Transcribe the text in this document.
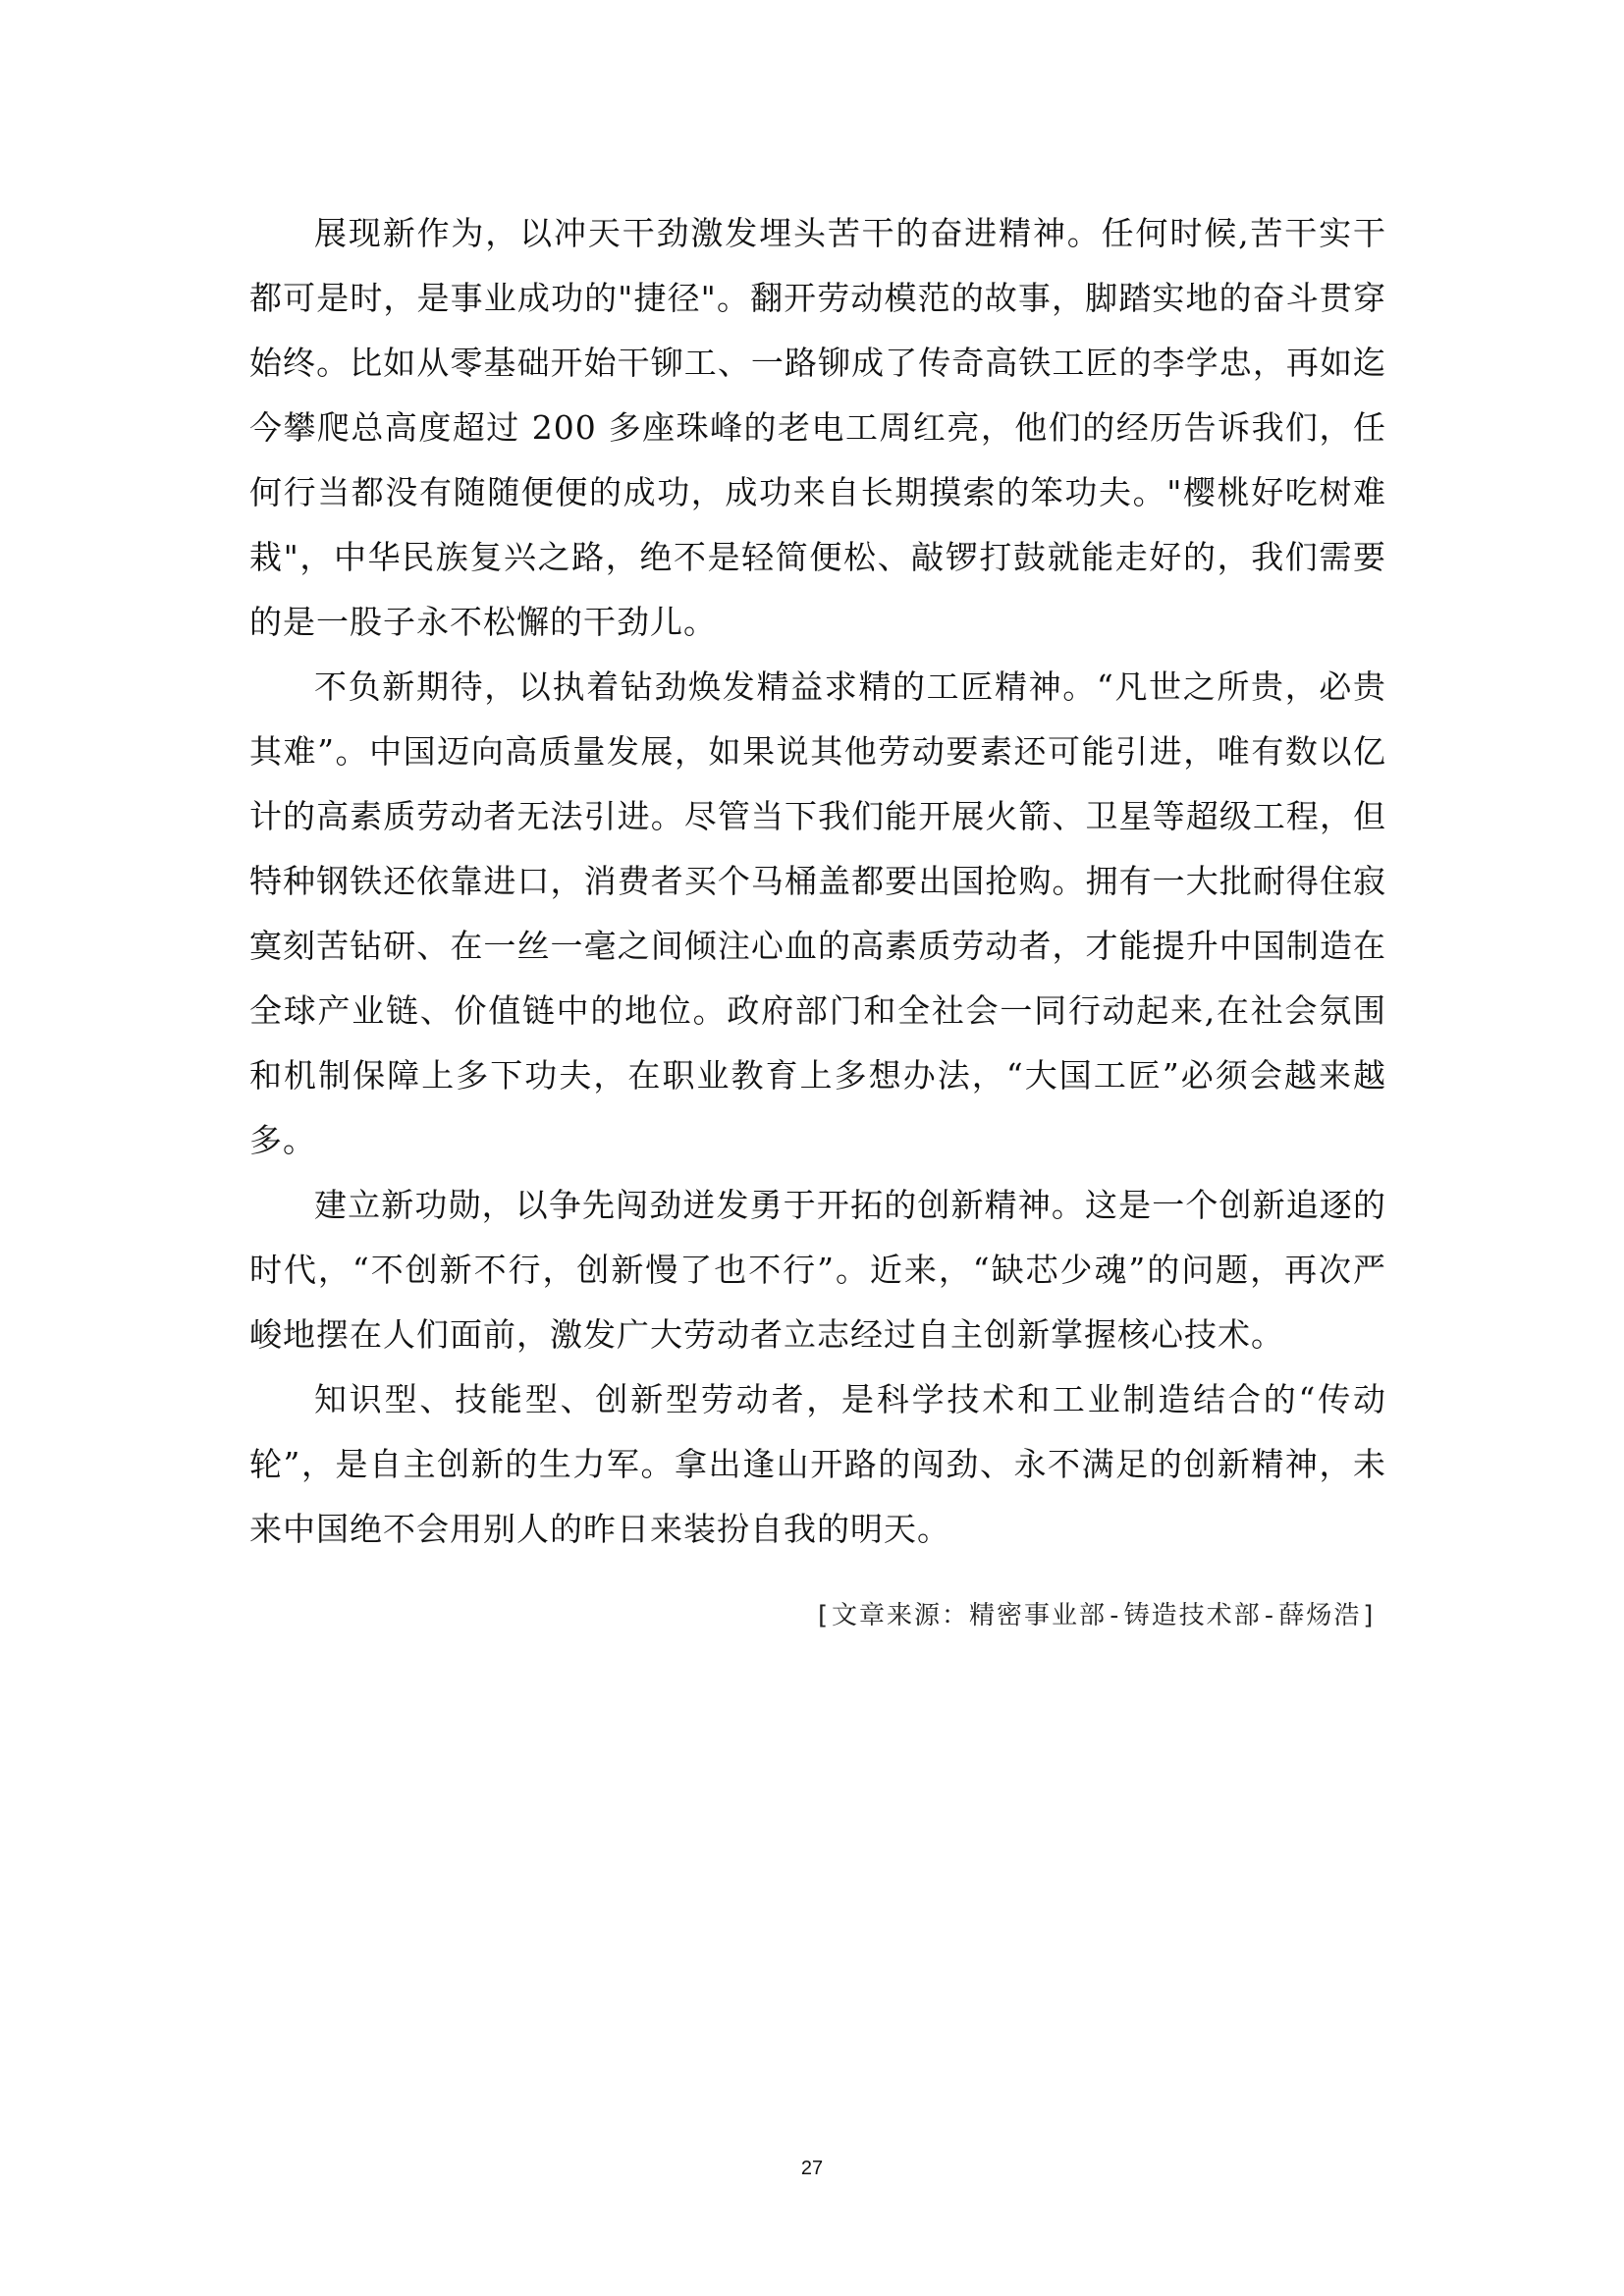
展现新作为，以冲天干劲激发埋头苦干的奋进精神。任何时候,苦干实干都可是时，是事业成功的"捷径"。翻开劳动模范的故事，脚踏实地的奋斗贯穿始终。比如从零基础开始干铆工、一路铆成了传奇高铁工匠的李学忠，再如迄今攀爬总高度超过 200 多座珠峰的老电工周红亮，他们的经历告诉我们，任何行当都没有随随便便的成功，成功来自长期摸索的笨功夫。"樱桃好吃树难栽"，中华民族复兴之路，绝不是轻简便松、敲锣打鼓就能走好的，我们需要的是一股子永不松懈的干劲儿。

不负新期待，以执着钻劲焕发精益求精的工匠精神。“凡世之所贵，必贵其难”。中国迈向高质量发展，如果说其他劳动要素还可能引进，唯有数以亿计的高素质劳动者无法引进。尽管当下我们能开展火箭、卫星等超级工程，但特种钢铁还依靠进口，消费者买个马桶盖都要出国抢购。拥有一大批耐得住寂寞刻苦钻研、在一丝一毫之间倾注心血的高素质劳动者，才能提升中国制造在全球产业链、价值链中的地位。政府部门和全社会一同行动起来,在社会氛围和机制保障上多下功夫，在职业教育上多想办法，“大国工匠”必须会越来越多。

建立新功勋，以争先闯劲迸发勇于开拓的创新精神。这是一个创新追逐的时代，“不创新不行，创新慢了也不行”。近来，“缺芯少魂”的问题，再次严峻地摆在人们面前，激发广大劳动者立志经过自主创新掌握核心技术。

知识型、技能型、创新型劳动者，是科学技术和工业制造结合的“传动轮”，是自主创新的生力军。拿出逢山开路的闯劲、永不满足的创新精神，未来中国绝不会用别人的昨日来装扮自我的明天。

[文章来源：精密事业部-铸造技术部-薛炀浩]
27
